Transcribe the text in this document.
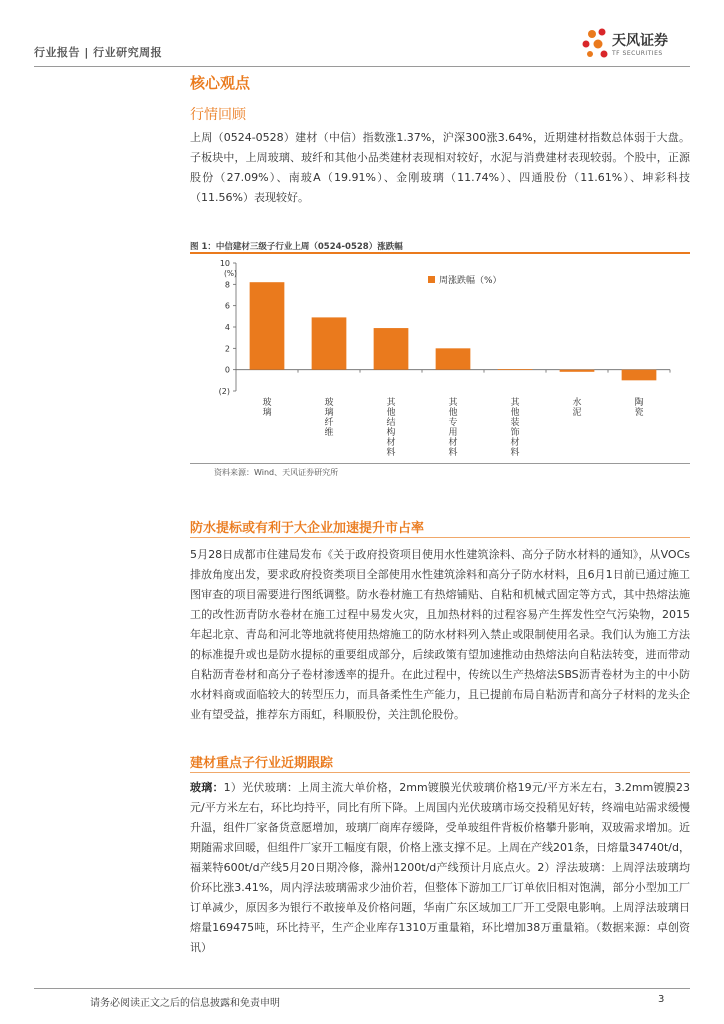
行业报告 | 行业研究周报
天风证券
TF SECURITIES
核心观点
行情回顾
上周（0524-0528）建材（中信）指数涨1.37%，沪深300涨3.64%，近期建材指数总体弱于大盘。子板块中，上周玻璃、玻纤和其他小品类建材表现相对较好，水泥与消费建材表现较弱。个股中，正源股份（27.09%）、南玻A（19.91%）、金刚玻璃（11.74%）、四通股份（11.61%）、坤彩科技（11.56%）表现较好。
图 1：中信建材三级子行业上周（0524-0528）涨跌幅
10
8
6
4
2
0
(2)
(%)
玻璃
玻璃纤维
其他结构材料
其他专用材料
其他装饰材料
水泥
陶瓷
周涨跌幅（%）
资料来源：Wind、天风证券研究所
防水提标或有利于大企业加速提升市占率
5月28日成都市住建局发布《关于政府投资项目使用水性建筑涂料、高分子防水材料的通知》，从VOCs排放角度出发，要求政府投资类项目全部使用水性建筑涂料和高分子防水材料，且6月1日前已通过施工图审查的项目需要进行图纸调整。防水卷材施工有热熔铺贴、自粘和机械式固定等方式，其中热熔法施工的改性沥青防水卷材在施工过程中易发火灾，且加热材料的过程容易产生挥发性空气污染物，2015年起北京、青岛和河北等地就将使用热熔施工的防水材料列入禁止或限制使用名录。我们认为施工方法的标准提升或也是防水提标的重要组成部分，后续政策有望加速推动由热熔法向自粘法转变，进而带动自粘沥青卷材和高分子卷材渗透率的提升。在此过程中，传统以生产热熔法SBS沥青卷材为主的中小防水材料商或面临较大的转型压力，而具备柔性生产能力，且已提前布局自粘沥青和高分子材料的龙头企业有望受益，推荐东方雨虹，科顺股份，关注凯伦股份。
建材重点子行业近期跟踪
玻璃：1）光伏玻璃：上周主流大单价格，2mm镀膜光伏玻璃价格19元/平方米左右，3.2mm镀膜23元/平方米左右，环比均持平，同比有所下降。上周国内光伏玻璃市场交投稍见好转，终端电站需求缓慢升温，组件厂家备货意愿增加，玻璃厂商库存缓降，受单玻组件背板价格攀升影响，双玻需求增加。近期随需求回暖，但组件厂家开工幅度有限，价格上涨支撑不足。上周在产线201条，日熔量34740t/d，福莱特600t/d产线5月20日期冷修，滁州1200t/d产线预计月底点火。2）浮法玻璃：上周浮法玻璃均价环比涨3.41%，周内浮法玻璃需求少油价若，但整体下游加工厂订单依旧相对饱满，部分小型加工厂订单减少，原因多为银行不敢接单及价格问题，华南广东区域加工厂开工受限电影响。上周浮法玻璃日熔量169475吨，环比持平，生产企业库存1310万重量箱，环比增加38万重量箱。（数据来源：卓创资讯）
请务必阅读正文之后的信息披露和免责申明	3
